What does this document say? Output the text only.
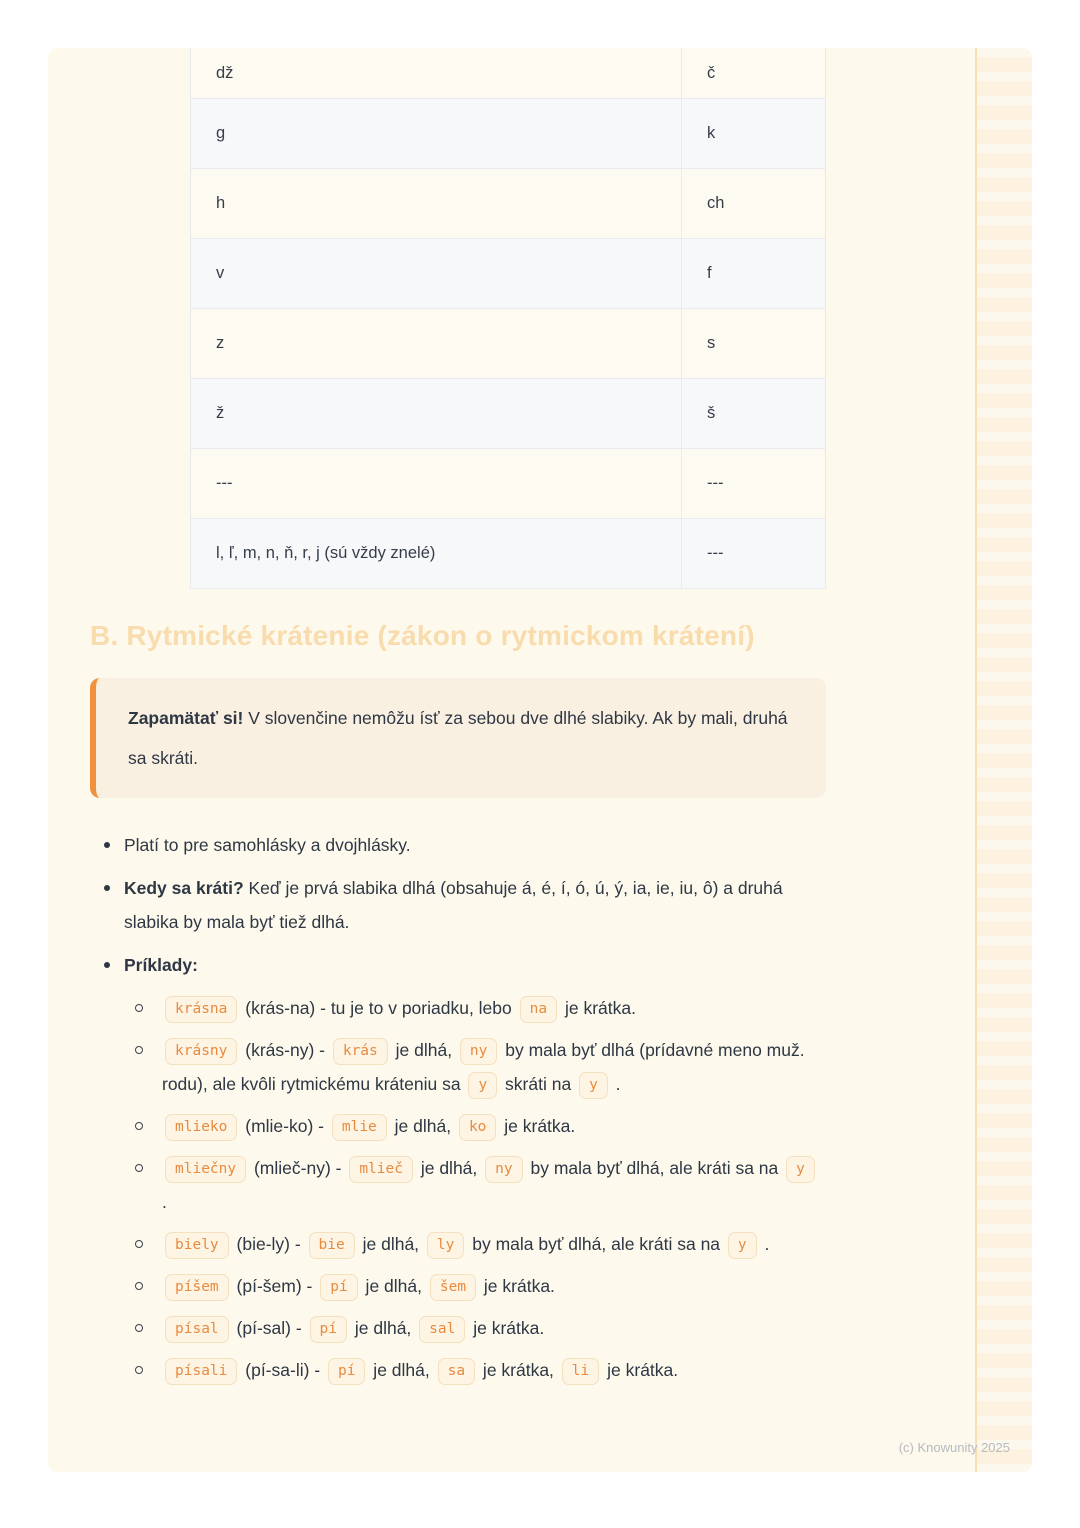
dž	č
g	k
h	ch
v	f
z	s
ž	š
---	---
l, ľ, m, n, ň, r, j (sú vždy znelé)	---
B. Rytmické krátenie (zákon o rytmickom krátení)

Zapamätať si! V slovenčine nemôžu ísť za sebou dve dlhé slabiky. Ak by mali, druhá sa skráti.

Platí to pre samohlásky a dvojhlásky.
Kedy sa kráti? Keď je prvá slabika dlhá (obsahuje á, é, í, ó, ú, ý, ia, ie, iu, ô) a druhá slabika by mala byť tiež dlhá.
Príklady:
krásna (krás-na) - tu je to v poriadku, lebo na je krátka.
krásny (krás-ny) - krás je dlhá, ny by mala byť dlhá (prídavné meno muž. rodu), ale kvôli rytmickému kráteniu sa y skráti na y .
mlieko (mlie-ko) - mlie je dlhá, ko je krátka.
mliečny (mlieč-ny) - mlieč je dlhá, ny by mala byť dlhá, ale kráti sa na y .
biely (bie-ly) - bie je dlhá, ly by mala byť dlhá, ale kráti sa na y .
píšem (pí-šem) - pí je dlhá, šem je krátka.
písal (pí-sal) - pí je dlhá, sal je krátka.
písali (pí-sa-li) - pí je dlhá, sa je krátka, li je krátka.
(c) Knowunity 2025
